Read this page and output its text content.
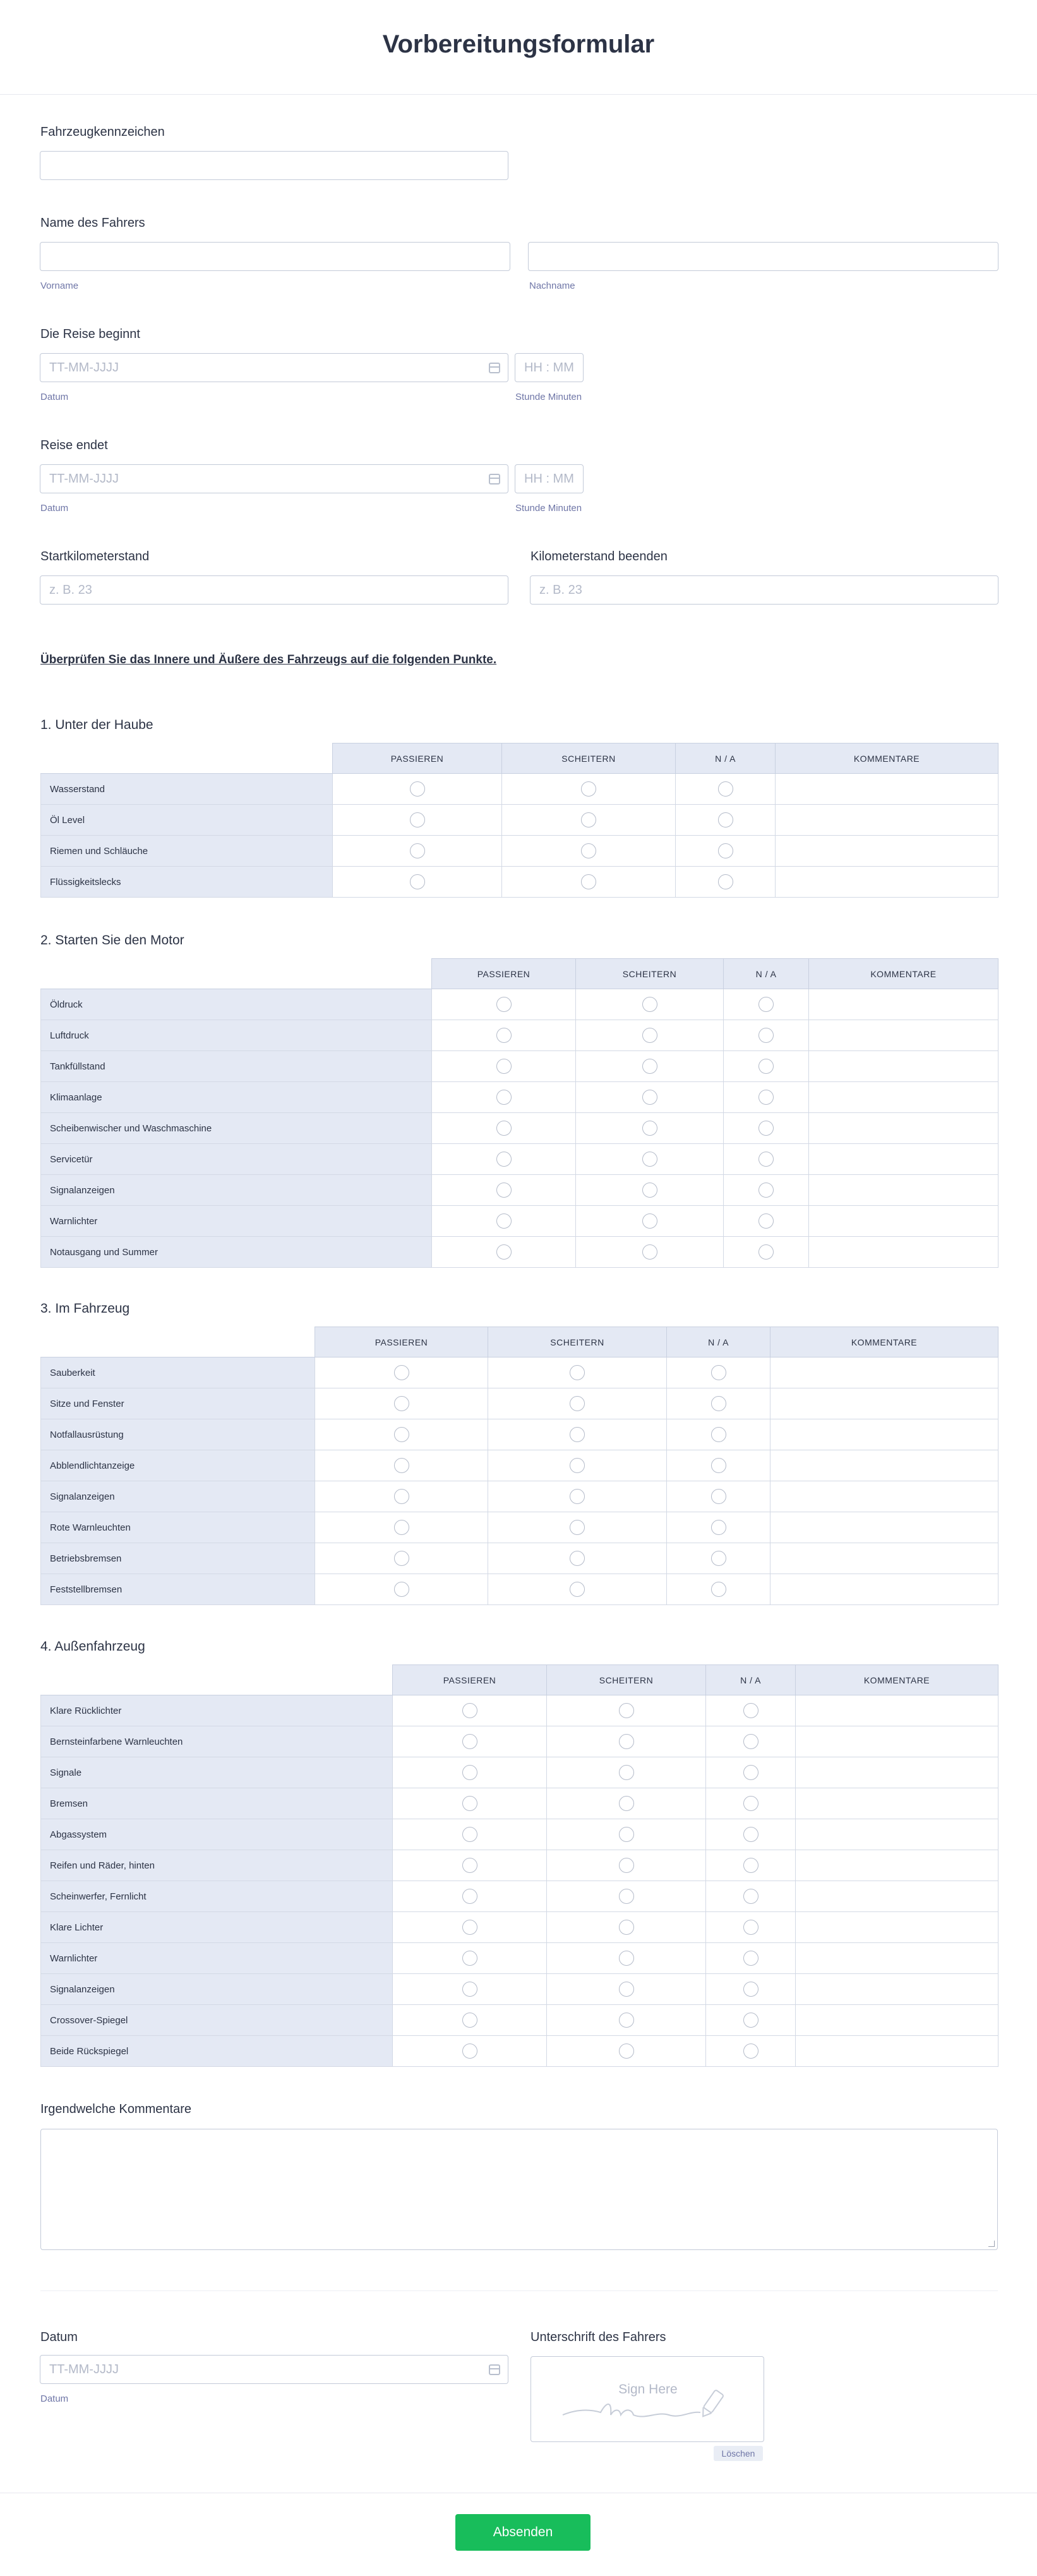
Vorbereitungsformular
Fahrzeugkennzeichen
Name des Fahrers
Vorname	Nachname
Die Reise beginnt
TT-MM-JJJJ	HH : MM
Datum	Stunde Minuten
Reise endet
TT-MM-JJJJ	HH : MM
Datum	Stunde Minuten
Startkilometerstand	Kilometerstand beenden
z. B. 23	z. B. 23
Überprüfen Sie das Innere und Äußere des Fahrzeugs auf die folgenden Punkte.
1. Unter der Haube
	PASSIEREN	SCHEITERN	N / A	KOMMENTARE
Wasserstand				
Öl Level				
Riemen und Schläuche				
Flüssigkeitslecks				
2. Starten Sie den Motor
	PASSIEREN	SCHEITERN	N / A	KOMMENTARE
Öldruck				
Luftdruck				
Tankfüllstand				
Klimaanlage				
Scheibenwischer und Waschmaschine				
Servicetür				
Signalanzeigen				
Warnlichter				
Notausgang und Summer				
3. Im Fahrzeug
	PASSIEREN	SCHEITERN	N / A	KOMMENTARE
Sauberkeit				
Sitze und Fenster				
Notfallausrüstung				
Abblendlichtanzeige				
Signalanzeigen				
Rote Warnleuchten				
Betriebsbremsen				
Feststellbremsen				
4. Außenfahrzeug
	PASSIEREN	SCHEITERN	N / A	KOMMENTARE
Klare Rücklichter				
Bernsteinfarbene Warnleuchten				
Signale				
Bremsen				
Abgassystem				
Reifen und Räder, hinten				
Scheinwerfer, Fernlicht				
Klare Lichter				
Warnlichter				
Signalanzeigen				
Crossover-Spiegel				
Beide Rückspiegel				
Irgendwelche Kommentare
Datum
TT-MM-JJJJ
Datum
Unterschrift des Fahrers
Sign Here
Löschen
Absenden
